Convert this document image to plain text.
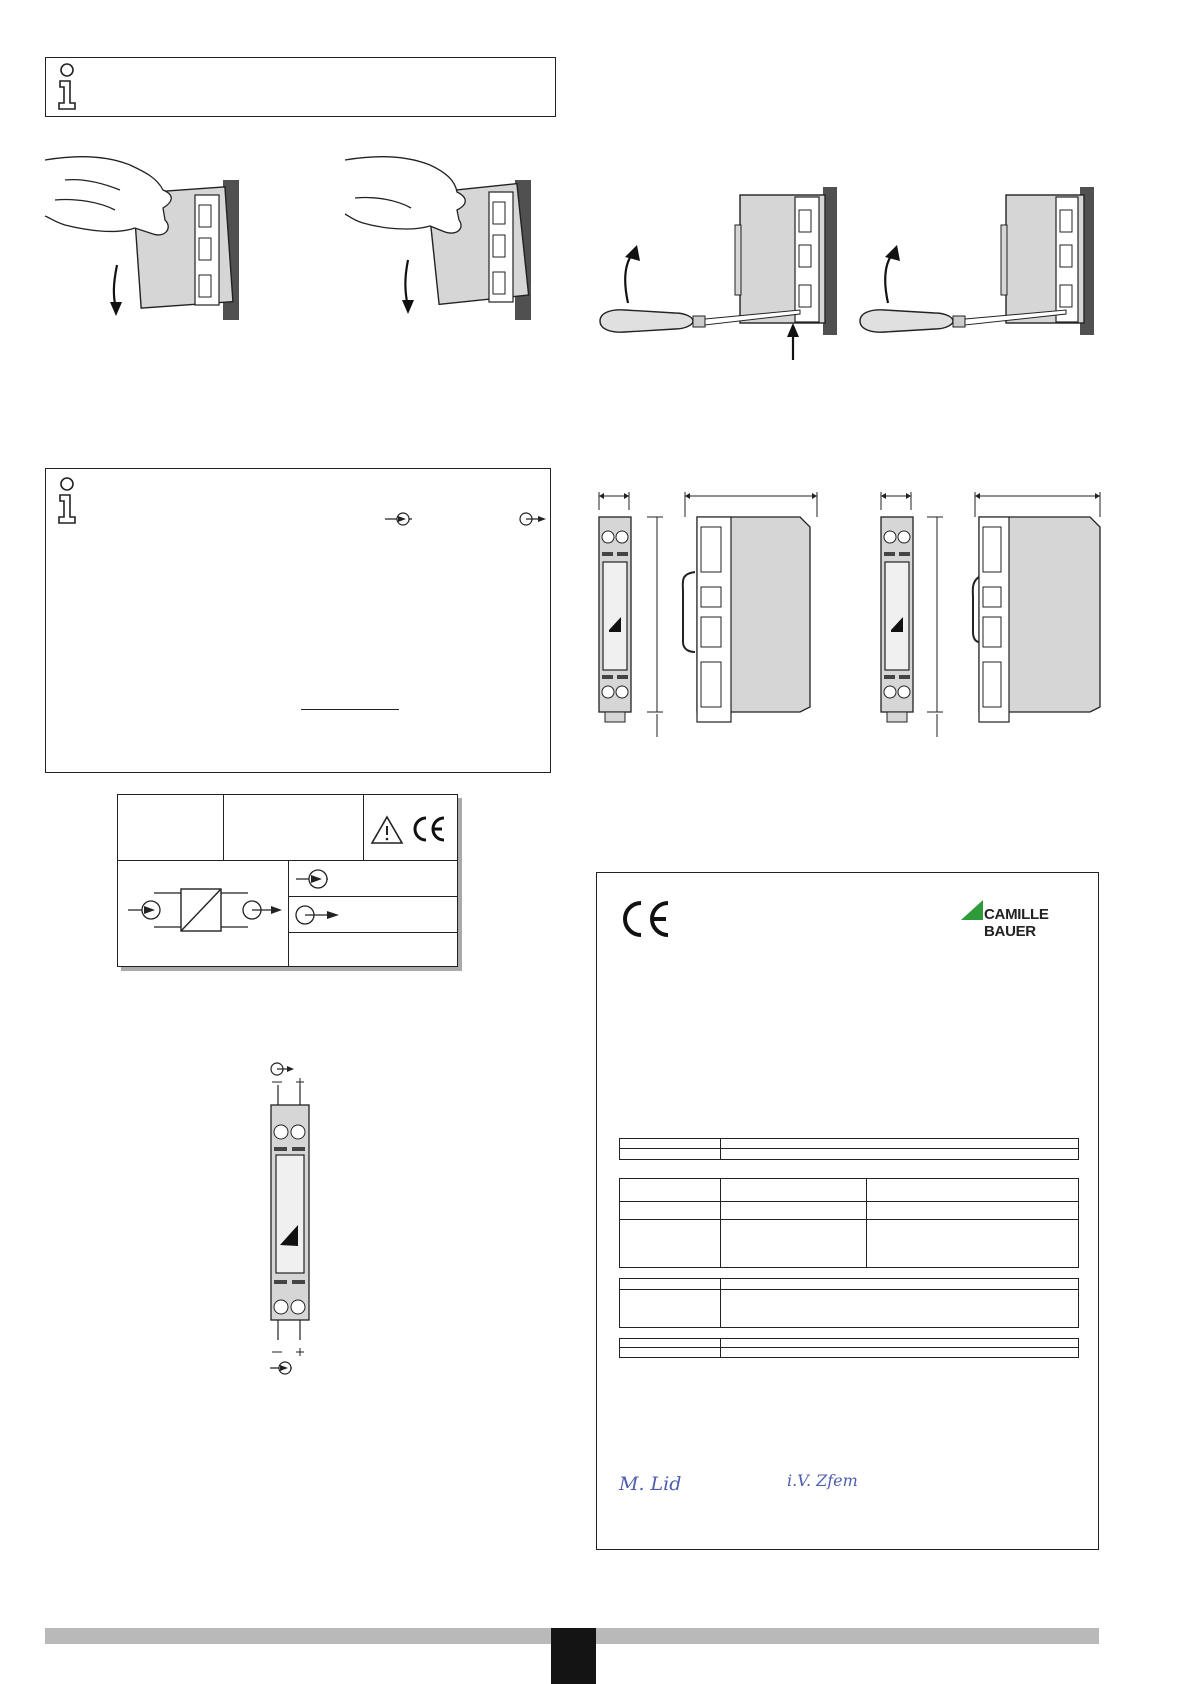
CAMILLE BAUER
M. Lid	i.V. Zfem
